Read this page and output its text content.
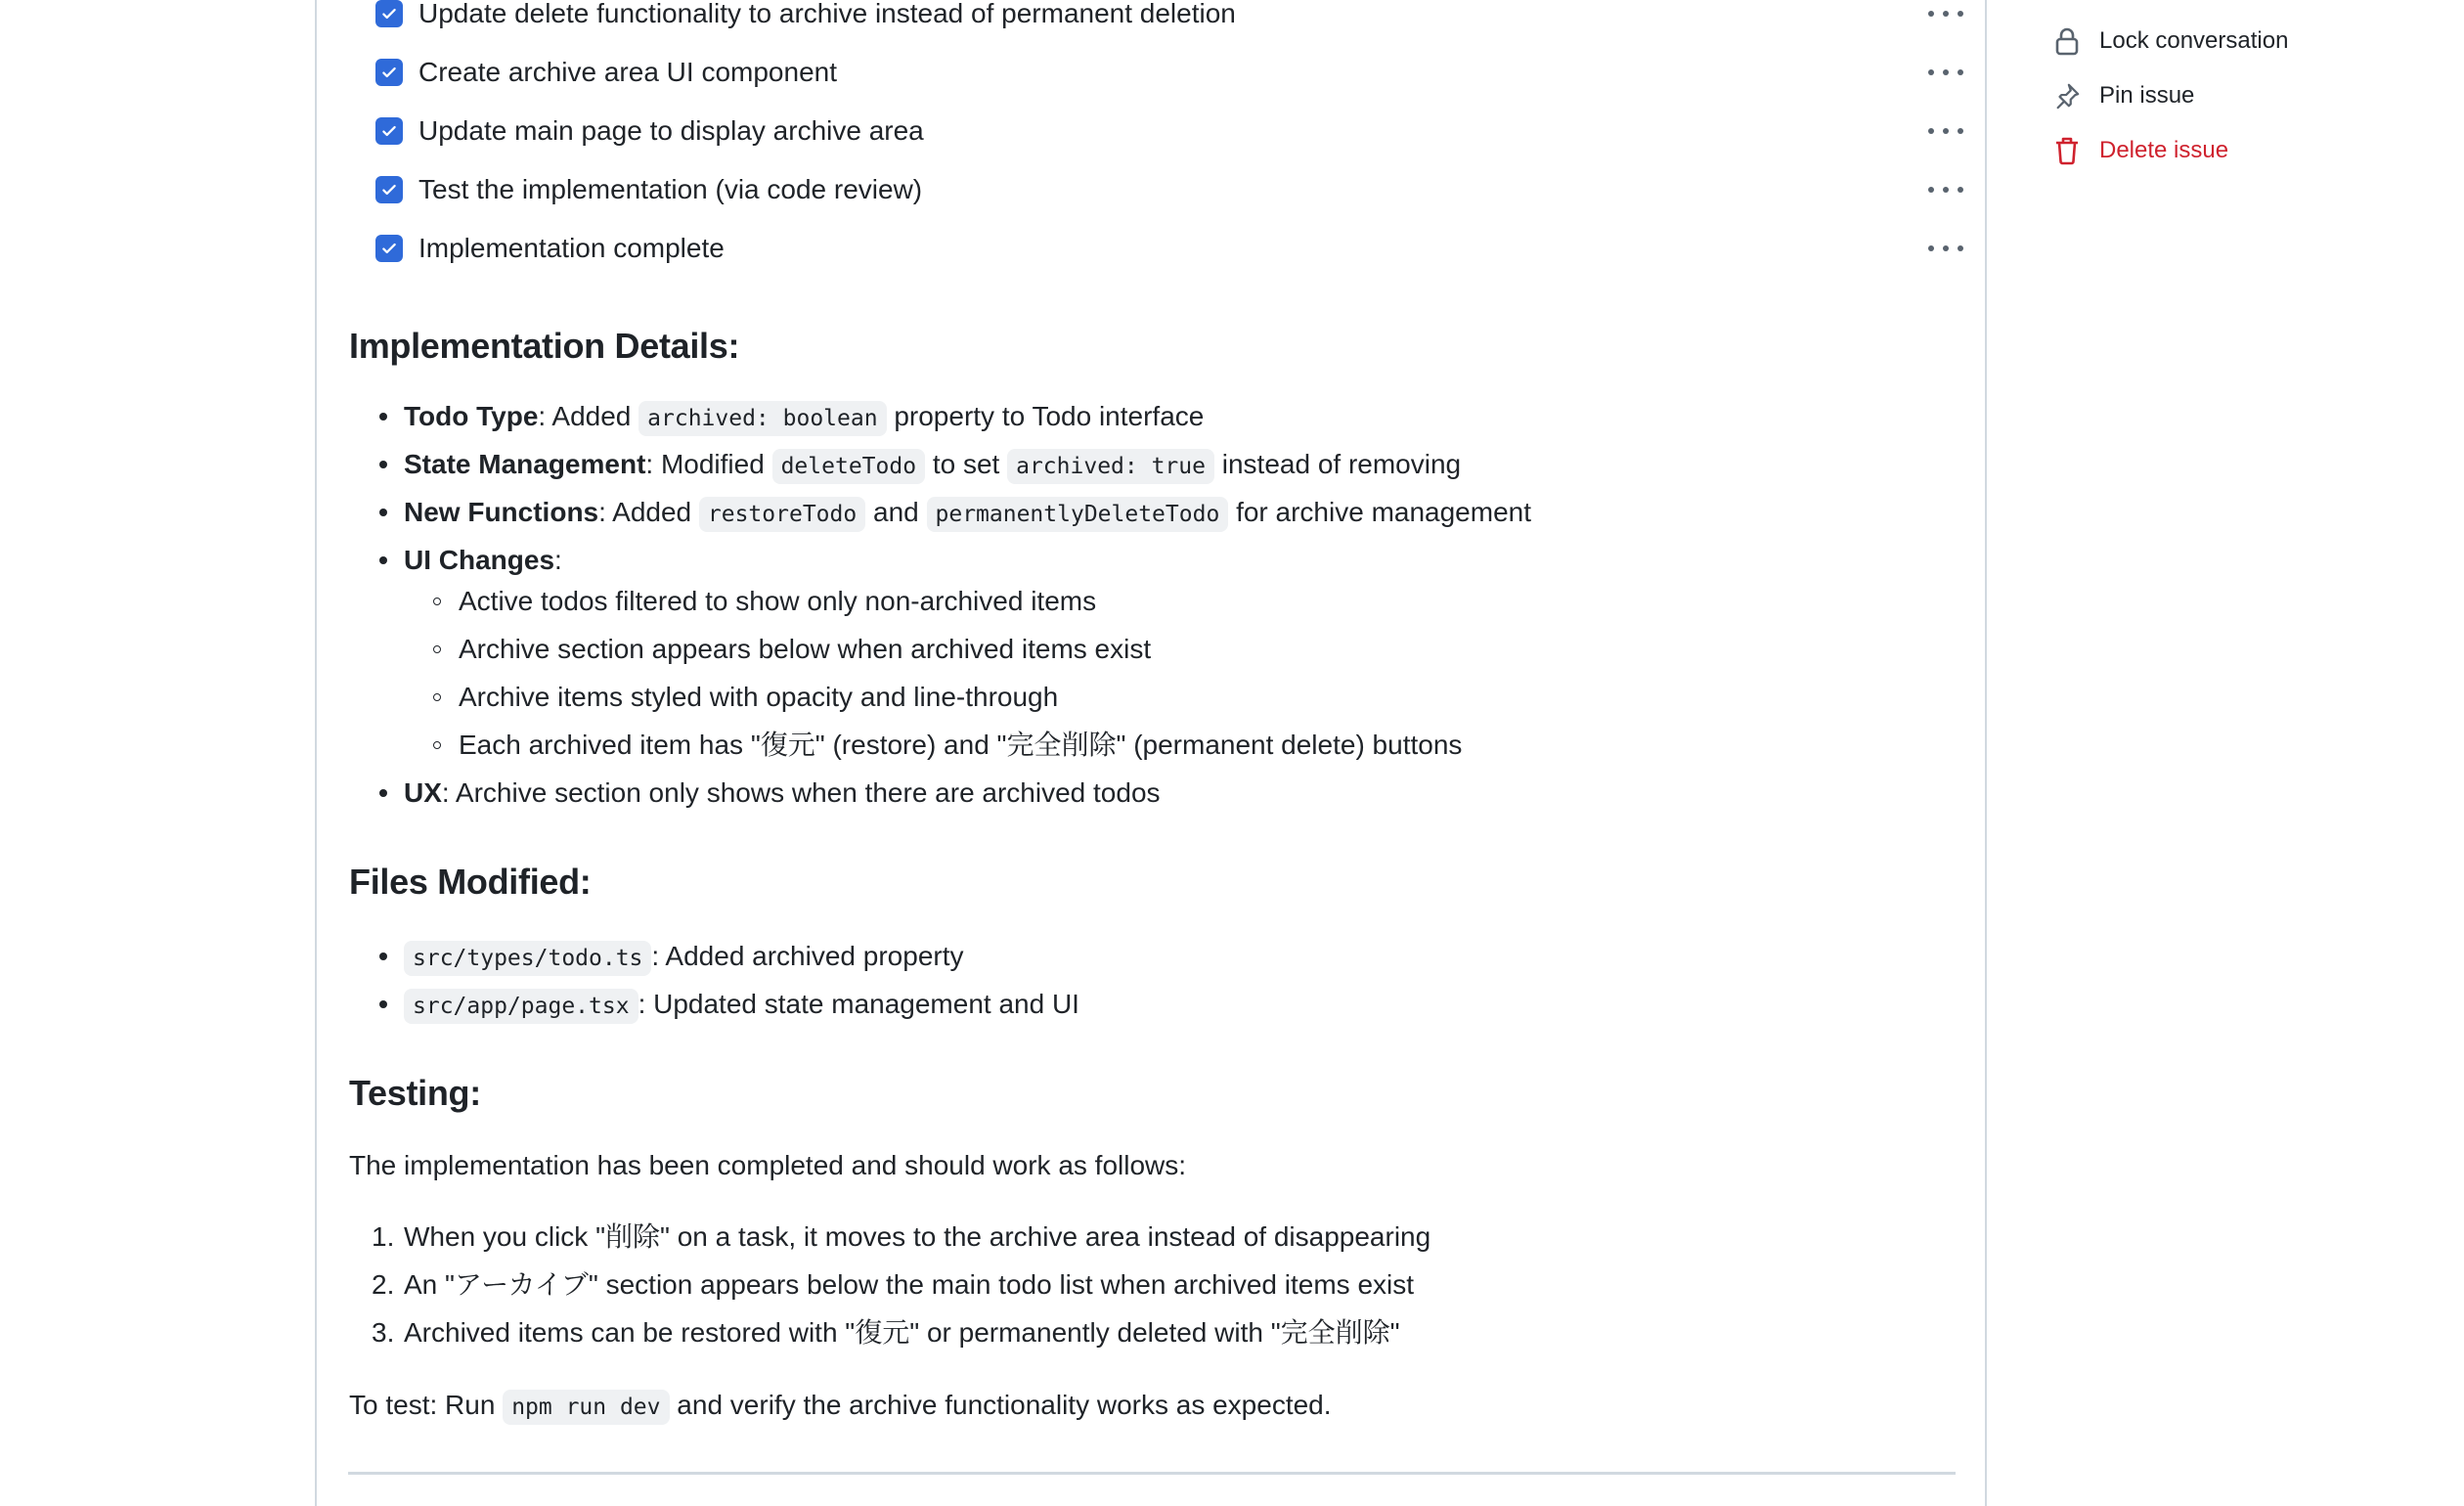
Update delete functionality to archive instead of permanent deletion
Create archive area UI component
Update main page to display archive area
Test the implementation (via code review)
Implementation complete
Implementation Details:
Todo Type: Added archived: boolean property to Todo interface
State Management: Modified deleteTodo to set archived: true instead of removing
New Functions: Added restoreTodo and permanentlyDeleteTodo for archive management
UI Changes:
Active todos filtered to show only non-archived items
Archive section appears below when archived items exist
Archive items styled with opacity and line-through
Each archived item has "復元" (restore) and "完全削除" (permanent delete) buttons
UX: Archive section only shows when there are archived todos
Files Modified:
src/types/todo.ts : Added archived property
src/app/page.tsx : Updated state management and UI
Testing:
The implementation has been completed and should work as follows:
1. When you click "削除" on a task, it moves to the archive area instead of disappearing
2. An "アーカイブ" section appears below the main todo list when archived items exist
3. Archived items can be restored with "復元" or permanently deleted with "完全削除"
To test: Run npm run dev and verify the archive functionality works as expected.
Lock conversation
Pin issue
Delete issue
